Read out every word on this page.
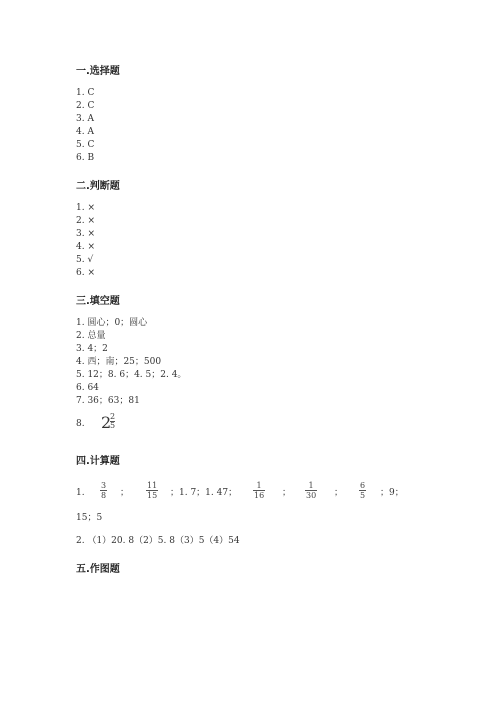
一.选择题
1. C
2. C
3. A
4. A
5. C
6. B
二.判断题
1. ×
2. ×
3. ×
4. ×
5. √
6. ×
三.填空题
1. 圆心；0；圆心
2. 总量
3. 4；2
4. 西；南；25；500
5. 12；8. 6；4. 5；2. 4。
6. 64
7. 36；63；81
8. 2
$\frac{2}{5}$
四.计算题
1. $\frac{3}{8}$ ； $\frac{11}{15}$ ；1. 7；1. 47； $\frac{1}{16}$ ； $\frac{1}{30}$ ； $\frac{6}{5}$ ；9；
15；5
2. （1）20. 8（2）5. 8（3）5（4）54
五.作图题
